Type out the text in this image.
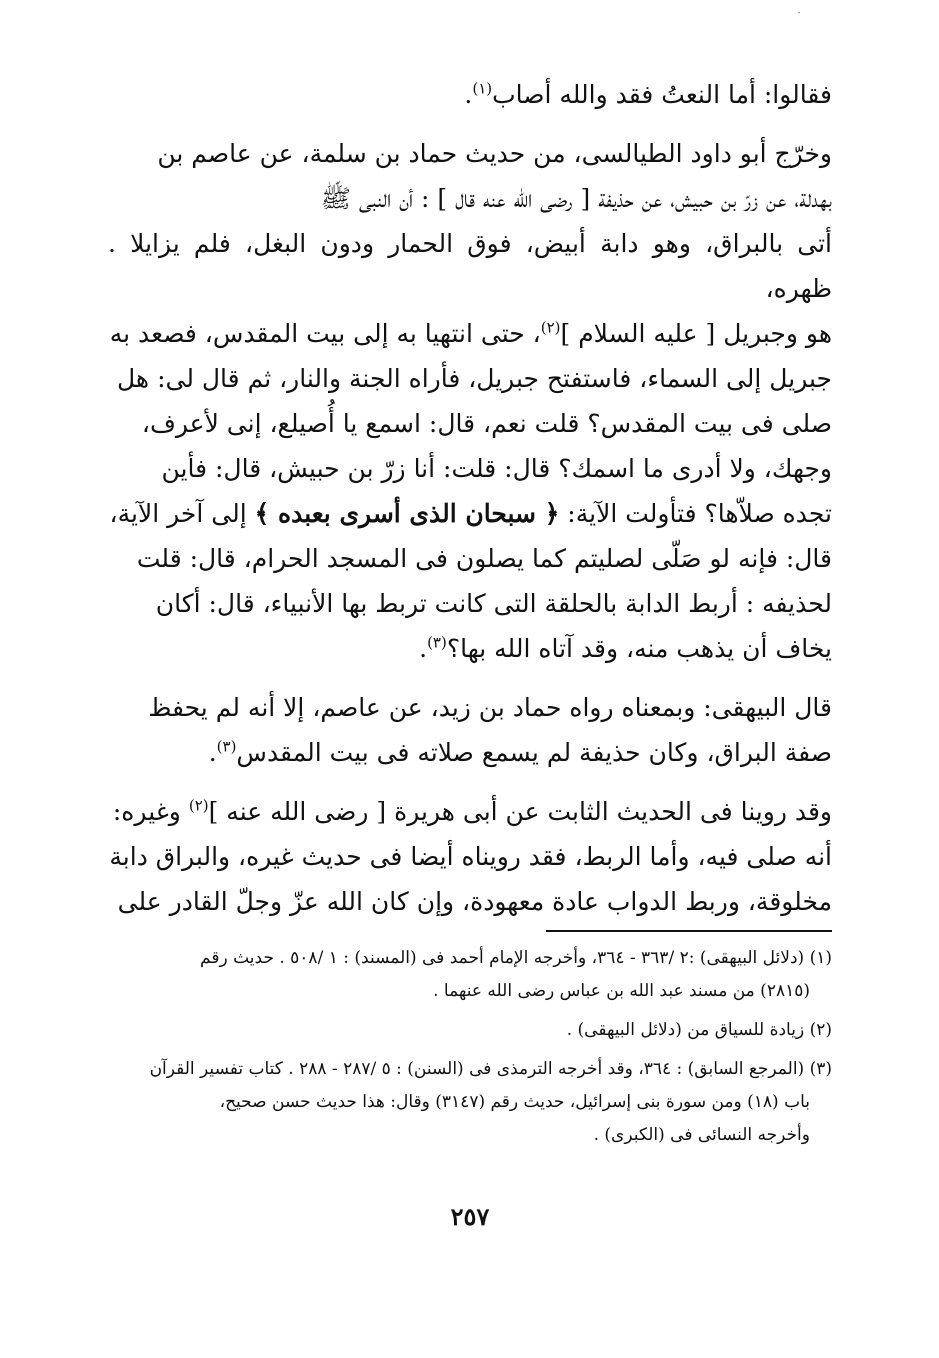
·

فقالوا: أما النعتُ فقد والله أصاب$^{(١)}$.

وخرّج أبو داود الطيالسى، من حديث حماد بن سلمة، عن عاصم بن
بهدلة، عن زرّ بن حبيش، عن حذيفة [ رضى الله عنه قال ] : أن النبى ﷺ
أتى بالبراق، وهو دابة أبيض، فوق الحمار ودون البغل، فلم يزايلا . ظهره،
هو وجبريل [ عليه السلام ]$^{(٢)}$، حتى انتهيا به إلى بيت المقدس، فصعد به
جبريل إلى السماء، فاستفتح جبريل، فأراه الجنة والنار، ثم قال لى: هل
صلى فى بيت المقدس؟ قلت نعم، قال: اسمع يا أُصيلع، إنى لأعرف،
وجهك، ولا أدرى ما اسمك؟ قال: قلت: أنا زرّ بن حبيش، قال: فأين
تجده صلاّها؟ فتأولت الآية: ﴿ سبحان الذى أسرى بعبده ﴾ إلى آخر الآية،
قال: فإنه لو صَلّى لصليتم كما يصلون فى المسجد الحرام، قال: قلت
لحذيفه : أربط الدابة بالحلقة التى كانت تربط بها الأنبياء، قال: أكان
يخاف أن يذهب منه، وقد آتاه الله بها؟$^{(٣)}$.

قال البيهقى: وبمعناه رواه حماد بن زيد، عن عاصم، إلا أنه لم يحفظ
صفة البراق، وكان حذيفة لم يسمع صلاته فى بيت المقدس$^{(٣)}$.

وقد روينا فى الحديث الثابت عن أبى هريرة [ رضى الله عنه ]$^{(٢)}$ وغيره:
أنه صلى فيه، وأما الربط، فقد رويناه أيضا فى حديث غيره، والبراق دابة
مخلوقة، وربط الدواب عادة معهودة، وإن كان الله عزّ وجلّ القادر على

(١) (دلائل البيهقى) :٢ /٣٦٣ - ٣٦٤، وأخرجه الإمام أحمد فى (المسند) : ١ /٥٠٨ . حديث رقم
(٢٨١٥) من مسند عبد الله بن عباس رضى الله عنهما .

(٢) زيادة للسياق من (دلائل البيهقى) .

(٣) (المرجع السابق) : ٣٦٤، وقد أخرجه الترمذى فى (السنن) : ٥ /٢٨٧ - ٢٨٨ . كتاب تفسير القرآن
باب (١٨) ومن سورة بنى إسرائيل، حديث رقم (٣١٤٧) وقال: هذا حديث حسن صحيح،
وأخرجه النسائى فى (الكبرى) .

٢٥٧
